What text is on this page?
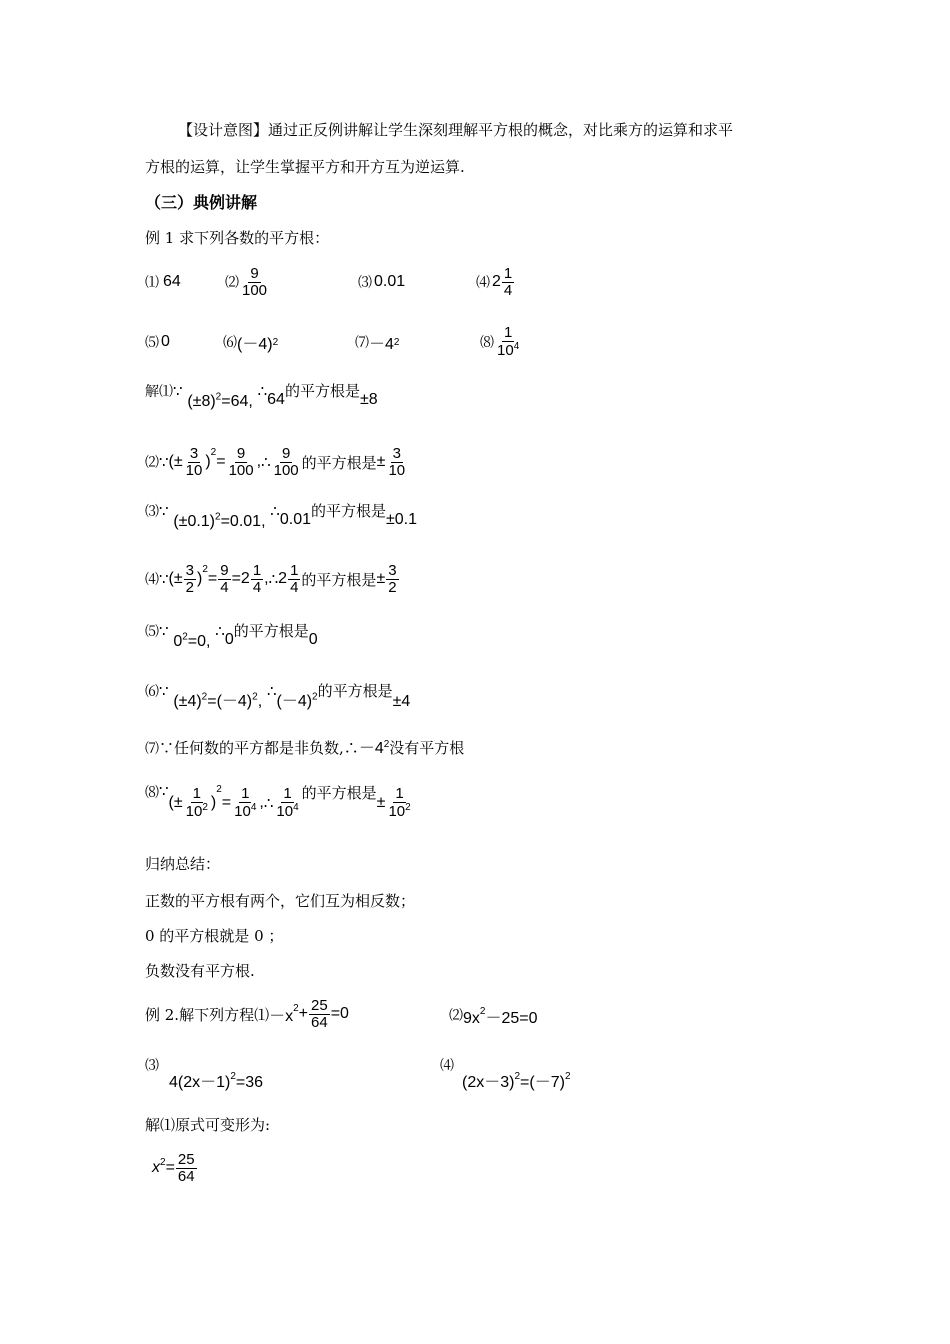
【设计意图】通过正反例讲解让学生深刻理解平方根的概念，对比乘方的运算和求平
方根的运算，让学生掌握平方和开方互为逆运算.
（三）典例讲解
例 1 求下列各数的平方根：
⑴ 64	⑵
9
100	⑶ 0.01	⑷ 2 1
4
⑸ 0	⑹ (－4) 2	⑺ －4 2	⑻
1
$10^4$
解⑴∵ $(\pm 8)^2=64$, ∴64的平方根是±8
⑵ ∵ (± $\frac{3}{10}$ )
2
= $\frac{9}{100}$ , ∴ 9
100 的平方根是 ± $\frac{3}{10}$
⑶∵ $(\pm 0.1)^2=0.01$, ∴0.01的平方根是±0.1
⑷ ∵ (± $\frac{3}{2}$ )
2
= $\frac{9}{4} =2$ 1
4 , ∴ 2 1
4 的平方根是 ± $\frac{3}{2}$
⑸∵ $0^2=0$, ∴0的平方根是0
⑹∵ $(\pm 4)^2=(-4)^2$, $\therefore(-4)^2$的平方根是±4
⑺∵任何数的平方都是非负数$,\therefore-4^2$没有平方根
⑻ ∵
(± $\frac{1}{10^2}$ )
2
= $\frac{1}{10^4}$ , ∴
1
$10^4$
的平方根是
± $\frac{1}{10^2}$
归纳总结：
正数的平方根有两个，它们互为相反数；
0 的平方根就是 0 ；
负数没有平方根.
例 2.解下列方程⑴ －x $2 + \frac{25}{64} =0$	$⑵9x^2-25=0$
⑶
$4(2x-1)^2=36$
⑷
$(2x-3)^2=(-7)^2$
解⑴原式可变形为:
x $2 = \frac{25}{64}$
